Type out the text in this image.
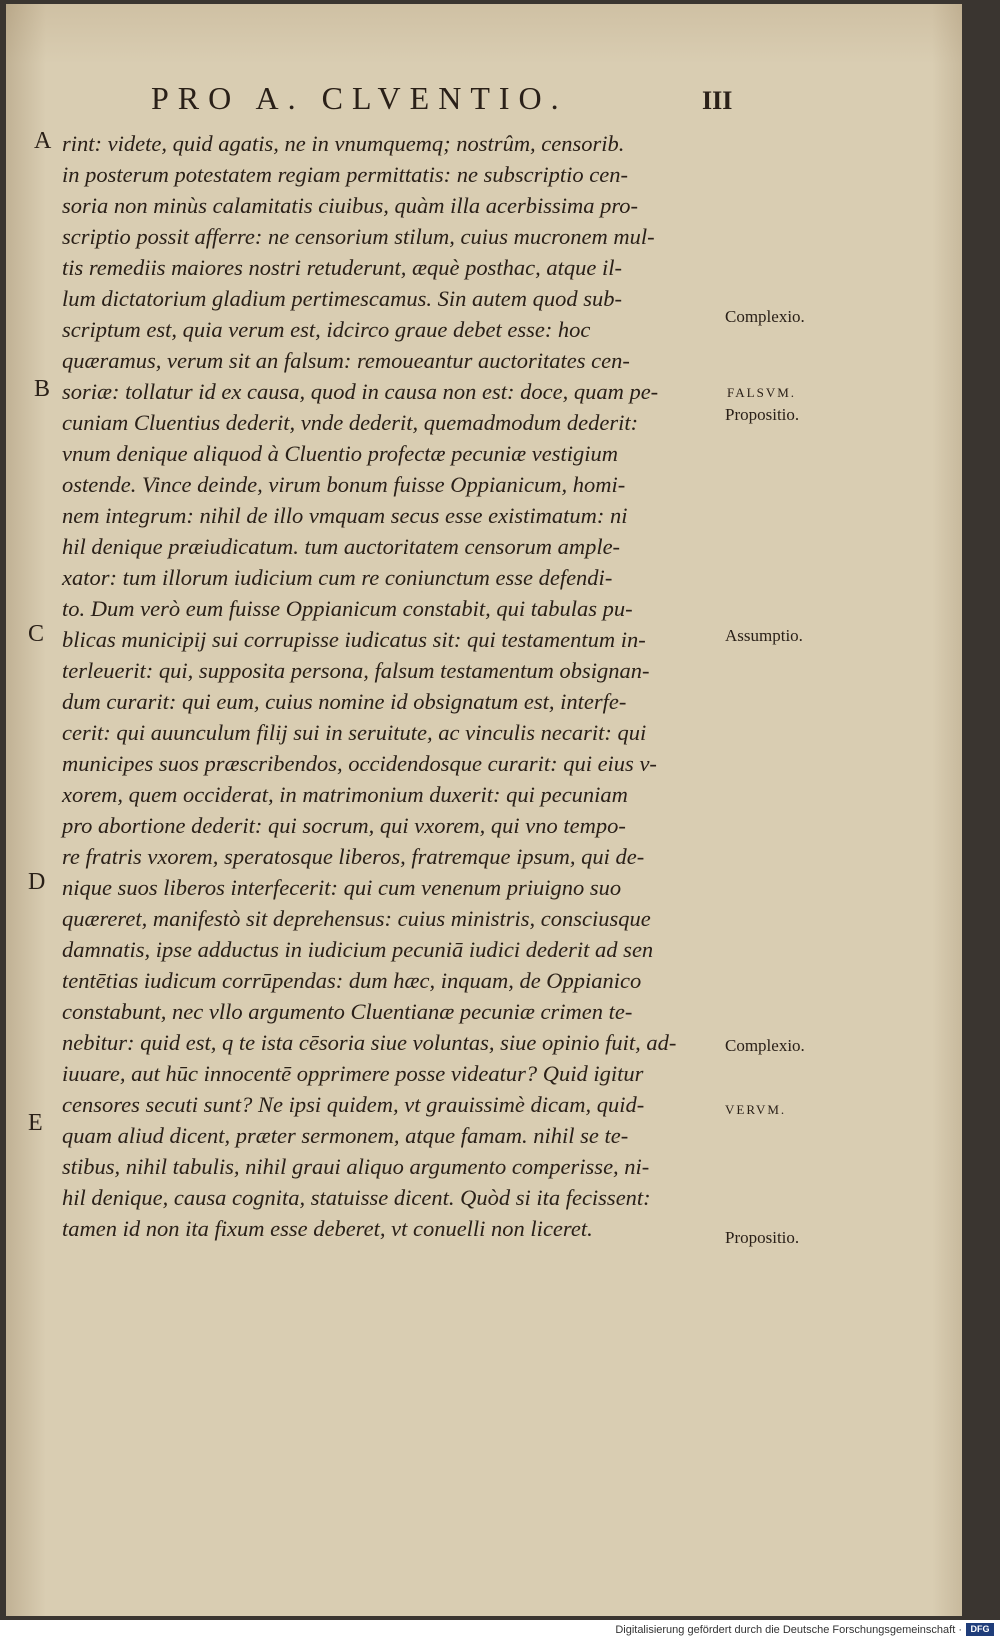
PRO A. CLVENTIO.	III
A
B
C
D
E
rint: videte, quid agatis, ne in vnumquemq; nostrûm, censorib.
in posterum potestatem regiam permittatis: ne subscriptio cen-
soria non minùs calamitatis ciuibus, quàm illa acerbissima pro-
scriptio possit afferre: ne censorium stilum, cuius mucronem mul-
tis remediis maiores nostri retuderunt, æquè posthac, atque il-
lum dictatorium gladium pertimescamus. Sin autem quod sub-
scriptum est, quia verum est, idcirco graue debet esse: hoc
quæramus, verum sit an falsum: remoueantur auctoritates cen-
soriæ: tollatur id ex causa, quod in causa non est: doce, quam pe-
cuniam Cluentius dederit, vnde dederit, quemadmodum dederit:
vnum denique aliquod à Cluentio profectæ pecuniæ vestigium
ostende. Vince deinde, virum bonum fuisse Oppianicum, homi-
nem integrum: nihil de illo vmquam secus esse existimatum: ni
hil denique præiudicatum. tum auctoritatem censorum ample-
xator: tum illorum iudicium cum re coniunctum esse defendi-
to. Dum verò eum fuisse Oppianicum constabit, qui tabulas pu-
blicas municipij sui corrupisse iudicatus sit: qui testamentum in-
terleuerit: qui, supposita persona, falsum testamentum obsignan-
dum curarit: qui eum, cuius nomine id obsignatum est, interfe-
cerit: qui auunculum filij sui in seruitute, ac vinculis necarit: qui
municipes suos præscribendos, occidendosque curarit: qui eius v-
xorem, quem occiderat, in matrimonium duxerit: qui pecuniam
pro abortione dederit: qui socrum, qui vxorem, qui vno tempo-
re fratris vxorem, speratosque liberos, fratremque ipsum, qui de-
nique suos liberos interfecerit: qui cum venenum priuigno suo
quæreret, manifestò sit deprehensus: cuius ministris, consciusque
damnatis, ipse adductus in iudicium pecuniā iudici dederit ad sen
tentētias iudicum corrūpendas: dum hæc, inquam, de Oppianico
constabunt, nec vllo argumento Cluentianæ pecuniæ crimen te-
nebitur: quid est, q te ista cēsoria siue voluntas, siue opinio fuit, ad-
iuuare, aut hūc innocentē opprimere posse videatur? Quid igitur
censores secuti sunt? Ne ipsi quidem, vt grauissimè dicam, quid-
quam aliud dicent, præter sermonem, atque famam. nihil se te-
stibus, nihil tabulis, nihil graui aliquo argumento comperisse, ni-
hil denique, causa cognita, statuisse dicent. Quòd si ita fecissent:
tamen id non ita fixum esse deberet, vt conuelli non liceret.
Complexio.
FALSVM.
Propositio.
Assumptio.
Complexio.
VERVM.
Propositio.
Digitalisierung gefördert durch die Deutsche Forschungsgemeinschaft · DFG
